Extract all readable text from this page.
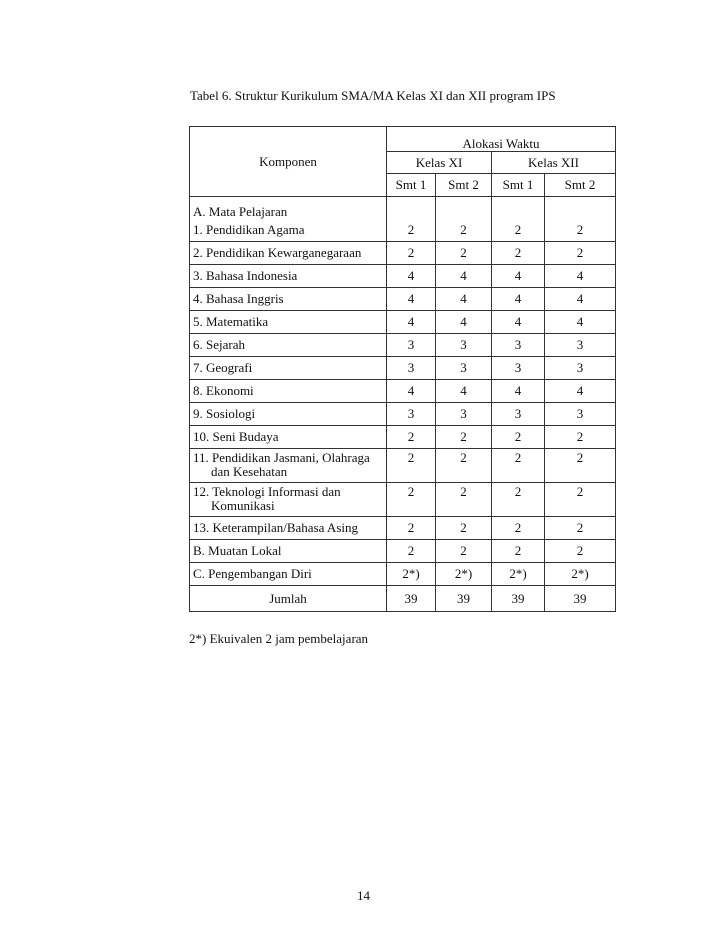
Tabel 6. Struktur Kurikulum SMA/MA Kelas XI dan XII program IPS
Komponen	Alokasi Waktu			
	Kelas XI		Kelas XII	
	Smt 1	Smt 2	Smt 1	Smt 2
A. Mata Pelajaran				
1. Pendidikan Agama	2	2	2	2
2. Pendidikan Kewarganegaraan	2	2	2	2
3. Bahasa Indonesia	4	4	4	4
4. Bahasa Inggris	4	4	4	4
5. Matematika	4	4	4	4
6. Sejarah	3	3	3	3
7. Geografi	3	3	3	3
8. Ekonomi	4	4	4	4
9. Sosiologi	3	3	3	3
10. Seni Budaya	2	2	2	2
11. Pendidikan Jasmani, Olahraga
dan Kesehatan	2	2	2	2
12. Teknologi Informasi dan
Komunikasi	2	2	2	2
13. Keterampilan/Bahasa Asing	2	2	2	2
B. Muatan Lokal	2	2	2	2
C. Pengembangan Diri	2*)	2*)	2*)	2*)
Jumlah	39	39	39	39
2*) Ekuivalen 2 jam pembelajaran
14
